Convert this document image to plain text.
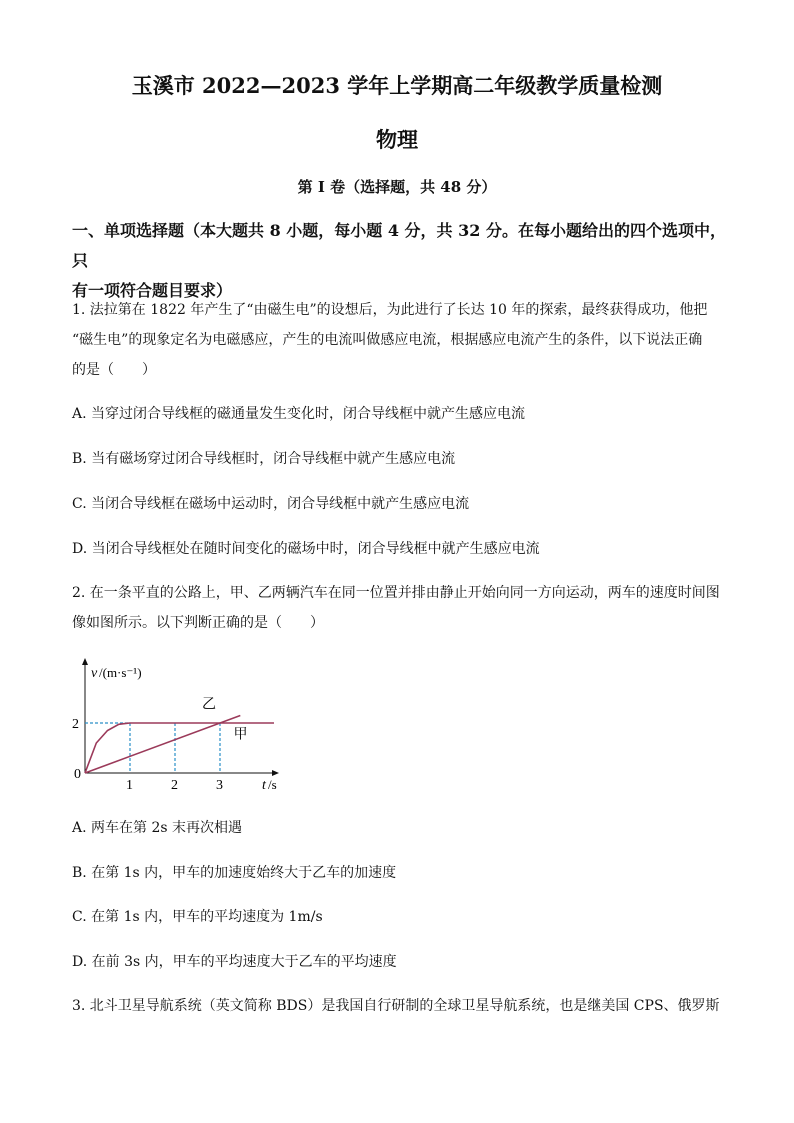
玉溪市 2022—2023 学年上学期高二年级教学质量检测
物理
第 I 卷（选择题，共 48 分）
一、单项选择题（本大题共 8 小题，每小题 4 分，共 32 分。在每小题给出的四个选项中，只
有一项符合题目要求）
1. 法拉第在 1822 年产生了“由磁生电”的设想后，为此进行了长达 10 年的探索，最终获得成功，他把
“磁生电”的现象定名为电磁感应，产生的电流叫做感应电流，根据感应电流产生的条件，以下说法正确
的是（　　）
A. 当穿过闭合导线框的磁通量发生变化时，闭合导线框中就产生感应电流
B. 当有磁场穿过闭合导线框时，闭合导线框中就产生感应电流
C. 当闭合导线框在磁场中运动时，闭合导线框中就产生感应电流
D. 当闭合导线框处在随时间变化的磁场中时，闭合导线框中就产生感应电流
2. 在一条平直的公路上，甲、乙两辆汽车在同一位置并排由静止开始向同一方向运动，两车的速度时间图
像如图所示。以下判断正确的是（　　）
v /(m·s⁻¹)
t /s
0
1	2	3
2
乙
甲
A. 两车在第 2s 末再次相遇
B. 在第 1s 内，甲车的加速度始终大于乙车的加速度
C. 在第 1s 内，甲车的平均速度为 1m/s
D. 在前 3s 内，甲车的平均速度大于乙车的平均速度
3. 北斗卫星导航系统（英文简称 BDS）是我国自行研制的全球卫星导航系统，也是继美国 CPS、俄罗斯
